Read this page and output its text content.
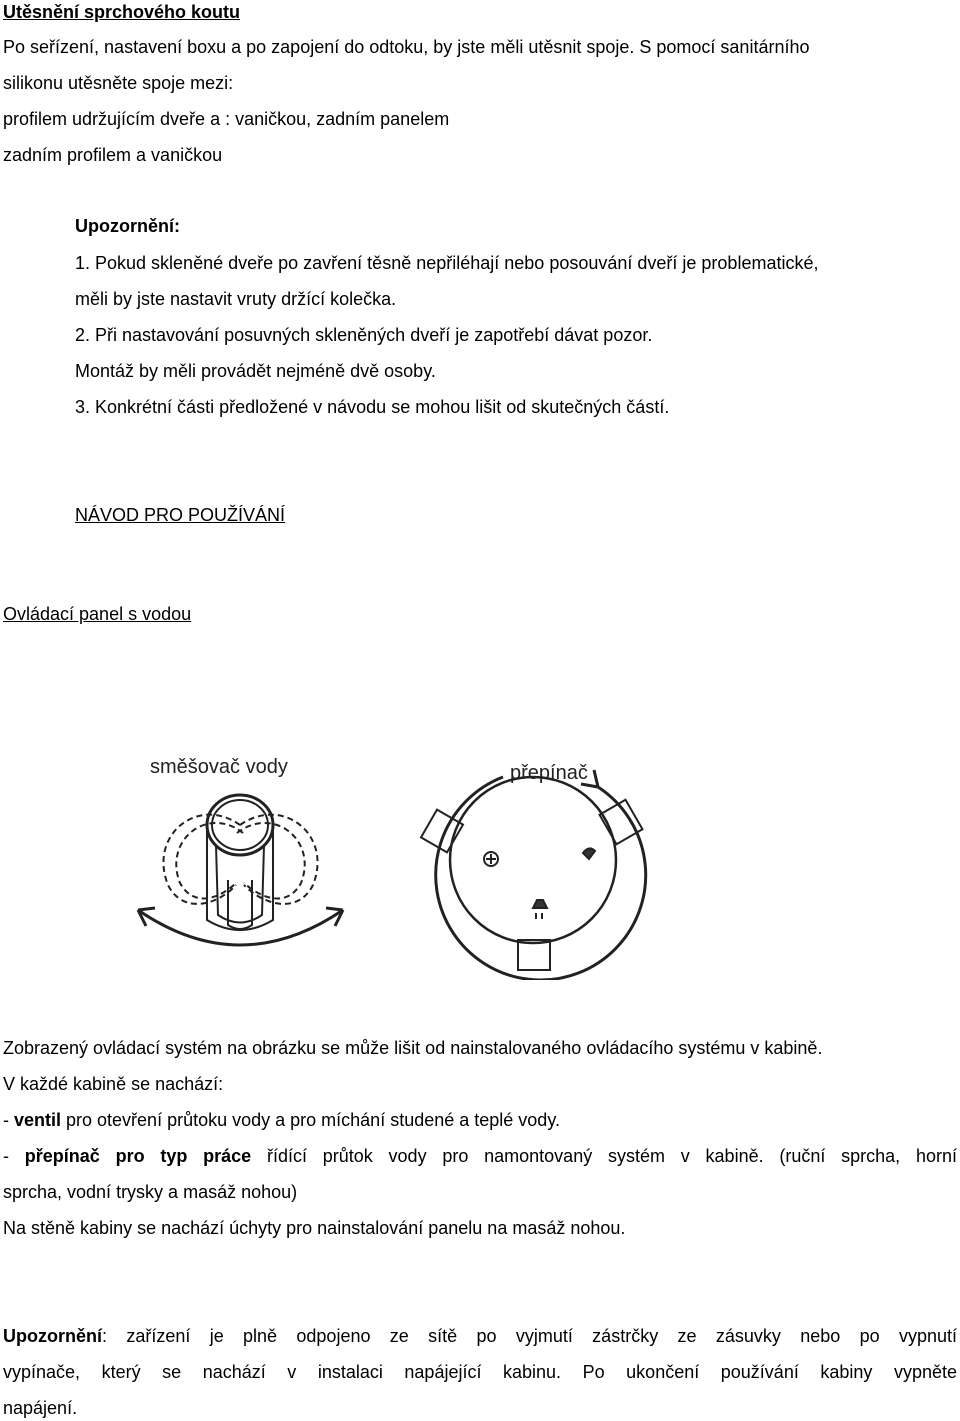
Utěsnění sprchového koutu
Po seřízení, nastavení boxu a po zapojení do odtoku, by jste měli utěsnit spoje. S pomocí sanitárního
silikonu utěsněte spoje mezi:
profilem udržujícím dveře a : vaničkou, zadním panelem
zadním profilem a vaničkou
Upozornění:
1. Pokud skleněné dveře po zavření těsně nepřiléhají nebo posouvání dveří je problematické,
měli by jste nastavit vruty držící kolečka.
2. Při nastavování posuvných skleněných dveří je zapotřebí dávat pozor.
Montáž by měli provádět nejméně dvě osoby.
3. Konkrétní části předložené v návodu se mohou lišit od skutečných částí.
NÁVOD PRO POUŽÍVÁNÍ
Ovládací panel s vodou
směšovač vody	přepínač
Zobrazený ovládací systém na obrázku se může lišit od nainstalovaného ovládacího systému v kabině.
V každé kabině se nachází:
- ventil pro otevření průtoku vody a pro míchání studené a teplé vody.
- přepínač pro typ práce řídící průtok vody pro namontovaný systém v kabině. (ruční sprcha, horní
sprcha, vodní trysky a masáž nohou)
Na stěně kabiny se nachází úchyty pro nainstalování panelu na masáž nohou.
Upozornění: zařízení je plně odpojeno ze sítě po vyjmutí zástrčky ze zásuvky nebo po vypnutí
vypínače, který se nachází v instalaci napájející kabinu. Po ukončení používání kabiny vypněte
napájení.
